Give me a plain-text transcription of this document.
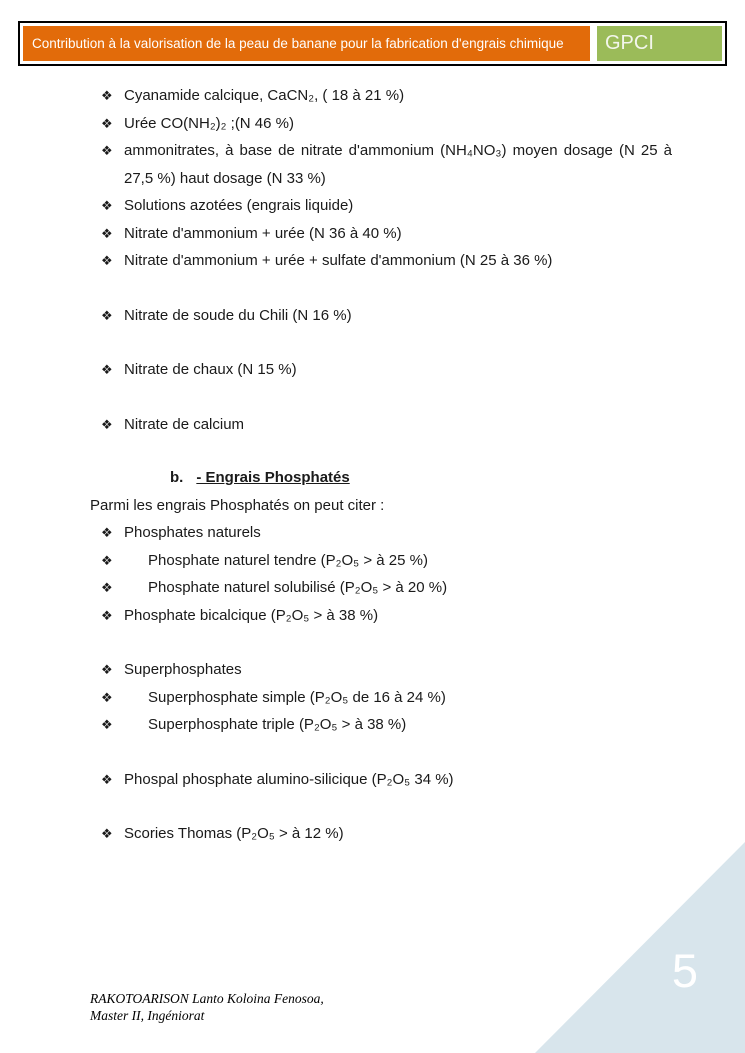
Contribution à la valorisation de la peau de banane pour la fabrication d'engrais chimique GPCI
❖ Cyanamide calcique, CaCN₂, ( 18 à 21 %)
❖ Urée CO(NH₂)₂ ;(N 46 %)
❖ ammonitrates, à base de nitrate d'ammonium (NH₄NO₃) moyen dosage (N 25 à 27,5 %) haut dosage (N 33 %)
❖ Solutions azotées (engrais liquide)
❖ Nitrate d'ammonium + urée (N 36 à 40 %)
❖ Nitrate d'ammonium + urée + sulfate d'ammonium (N 25 à 36 %)
❖ Nitrate de soude du Chili (N 16 %)
❖ Nitrate de chaux (N 15 %)
❖ Nitrate de calcium
b. - Engrais Phosphatés
Parmi les engrais Phosphatés on peut citer :
❖ Phosphates naturels
❖ Phosphate naturel tendre (P₂O₅ > à 25 %)
❖ Phosphate naturel solubilisé (P₂O₅ > à 20 %)
❖ Phosphate bicalcique (P₂O₅ > à 38 %)
❖ Superphosphates
❖ Superphosphate simple (P₂O₅ de 16 à 24 %)
❖ Superphosphate triple (P₂O₅ > à 38 %)
❖ Phospal phosphate alumino-silicique (P₂O₅ 34 %)
❖ Scories Thomas (P₂O₅ > à 12 %)
5
RAKOTOARISON Lanto Koloina Fenosoa,
Master II, Ingéniorat
